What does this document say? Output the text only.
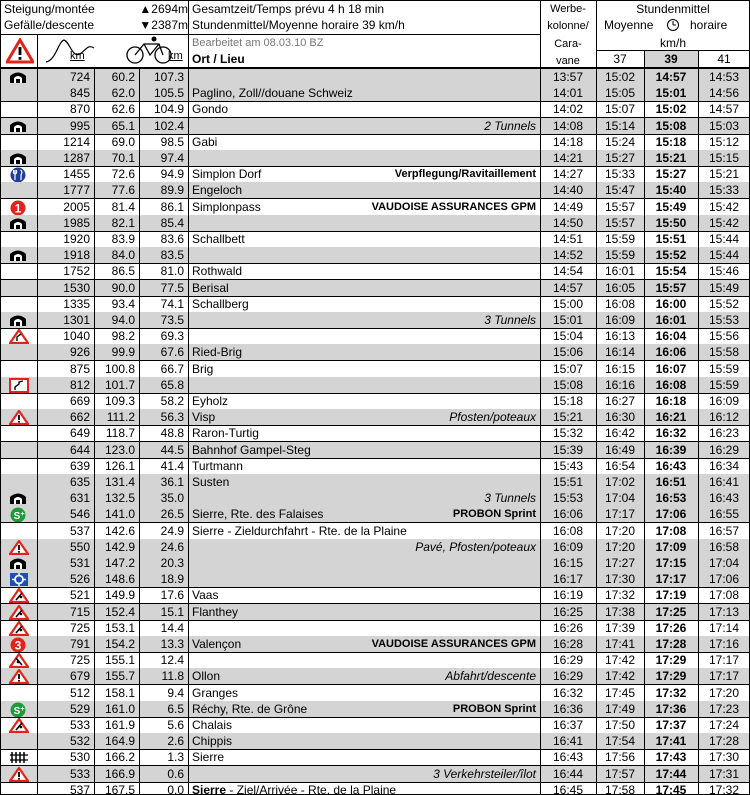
Steigung/montée	▲2694m
Gefälle/descente	▼2387m
Gesamtzeit/Temps prévu 4 h 18 min
Stundenmittel/Moyenne horaire 39 km/h
Bearbeitet am 08.03.10 BZ
Ort / Lieu
Werbe-
kolonne/
Cara-
vane
Stundenmittel
Moyenne	horaire
km/h
37	39	41
km	km
724	60.2	107.3	13:57	15:02	14:57	14:53
845	62.0	105.5 Paglino, Zoll//douane Schweiz	14:01	15:05	15:01	14:56
870	62.6	104.9 Gondo	14:02	15:07	15:02	14:57
995	65.1	102.4	2 Tunnels	14:08	15:14	15:08	15:03
1214	69.0	98.5 Gabi	14:18	15:24	15:18	15:12
1287	70.1	97.4	14:21	15:27	15:21	15:15
1455	72.6	94.9 Simplon Dorf	Verpflegung/Ravitaillement	14:27	15:33	15:27	15:21
1777	77.6	89.9 Engeloch	14:40	15:47	15:40	15:33
1	2005	81.4	86.1 Simplonpass	VAUDOISE ASSURANCES GPM	14:49	15:57	15:49	15:42
1985	82.1	85.4	14:50	15:57	15:50	15:42
1920	83.9	83.6 Schallbett	14:51	15:59	15:51	15:44
1918	84.0	83.5	14:52	15:59	15:52	15:44
1752	86.5	81.0 Rothwald	14:54	16:01	15:54	15:46
1530	90.0	77.5 Berisal	14:57	16:05	15:57	15:49
1335	93.4	74.1 Schallberg	15:00	16:08	16:00	15:52
1301	94.0	73.5	3 Tunnels	15:01	16:09	16:01	15:53
1040	98.2	69.3	15:04	16:13	16:04	15:56
926	99.9	67.6 Ried-Brig	15:06	16:14	16:06	15:58
875	100.8	66.7 Brig	15:07	16:15	16:07	15:59
812	101.7	65.8	15:08	16:16	16:08	15:59
669	109.3	58.2 Eyholz	15:18	16:27	16:18	16:09
662	111.2	56.3 Visp	Pfosten/poteaux	15:21	16:30	16:21	16:12
649	118.7	48.8 Raron-Turtig	15:32	16:42	16:32	16:23
644	123.0	44.5 Bahnhof Gampel-Steg	15:39	16:49	16:39	16:29
639	126.1	41.4 Turtmann	15:43	16:54	16:43	16:34
635	131.4	36.1 Susten	15:51	17:02	16:51	16:41
631	132.5	35.0	3 Tunnels	15:53	17:04	16:53	16:43
S +	546	141.0	26.5 Sierre, Rte. des Falaises	PROBON Sprint	16:06	17:17	17:06	16:55
537	142.6	24.9 Sierre - Zieldurchfahrt - Rte. de la Plaine	16:08	17:20	17:08	16:57
550	142.9	24.6	Pavé, Pfosten/poteaux	16:09	17:20	17:09	16:58
531	147.2	20.3	16:15	17:27	17:15	17:04
526	148.6	18.9	16:17	17:30	17:17	17:06
521	149.9	17.6 Vaas	16:19	17:32	17:19	17:08
715	152.4	15.1 Flanthey	16:25	17:38	17:25	17:13
725	153.1	14.4	16:26	17:39	17:26	17:14
3	791	154.2	13.3 Valençon	VAUDOISE ASSURANCES GPM	16:28	17:41	17:28	17:16
725	155.1	12.4	16:29	17:42	17:29	17:17
679	155.7	11.8 Ollon	Abfahrt/descente	16:29	17:42	17:29	17:17
512	158.1	9.4 Granges	16:32	17:45	17:32	17:20
S +	529	161.0	6.5 Réchy, Rte. de Grône	PROBON Sprint	16:36	17:49	17:36	17:23
533	161.9	5.6 Chalais	16:37	17:50	17:37	17:24
532	164.9	2.6 Chippis	16:41	17:54	17:41	17:28
530	166.2	1.3 Sierre	16:43	17:56	17:43	17:30
533	166.9	0.6	3 Verkehrsteiler/îlot	16:44	17:57	17:44	17:31
537	167.5	0.0 Sierre - Ziel/Arrivée - Rte. de la Plaine	16:45	17:58	17:45	17:32
